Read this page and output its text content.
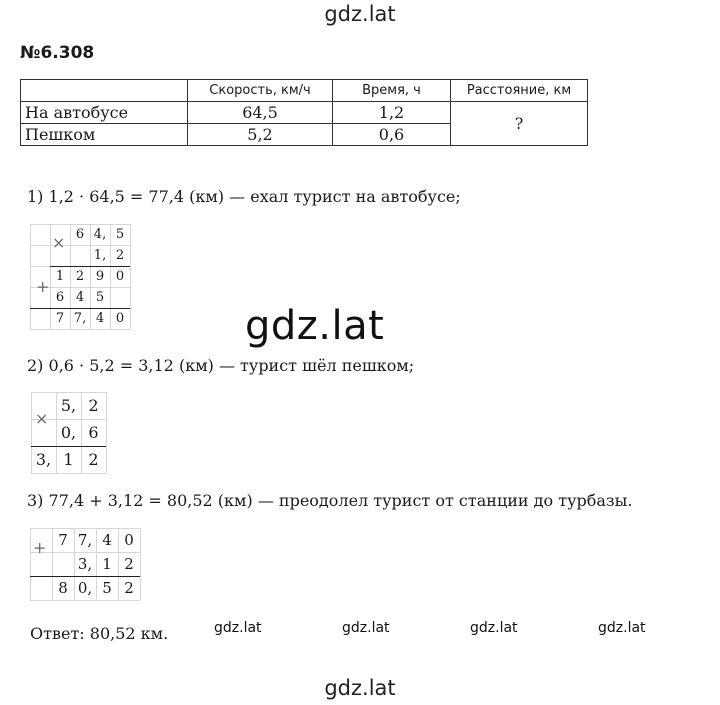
gdz.lat
№6.308
	Скорость, км/ч	Время, ч	Расстояние, км
На автобусе	64,5	1,2	?
Пешком	5,2	0,6	
1) 1,2 · 64,5 = 77,4 (км) — ехал турист на автобусе;
6 4, 5
1, 2
1 2 9 0
6 4 5
7 7, 4 0
×
+
gdz.lat
2) 0,6 · 5,2 = 3,12 (км) — турист шёл пешком;
5, 2
0, 6
3, 1 2
×
3) 77,4 + 3,12 = 80,52 (км) — преодолел турист от станции до турбазы.
7 7, 4 0
3, 1 2
8 0, 5 2
+
Ответ: 80,52 км.	gdz.lat	gdz.lat	gdz.lat	gdz.lat
gdz.lat
